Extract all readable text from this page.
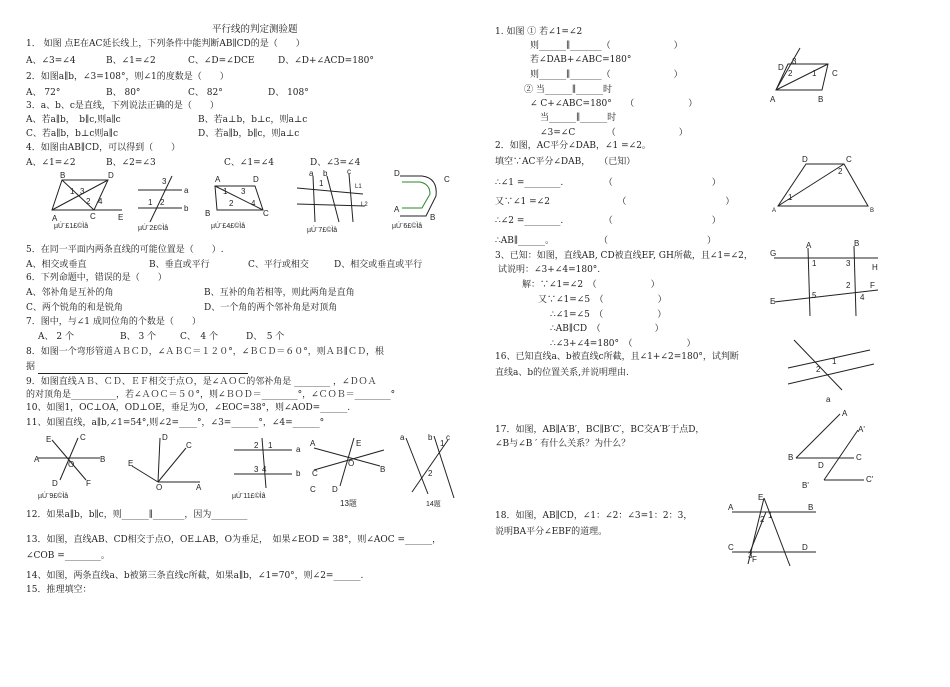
平行线的判定测验题
1． 如图 点E在AC延长线上，下列条件中能判断AB∥CD的是（　　）
A、∠3=∠4	B、∠1=∠2	C、∠D=∠DCE	D、∠D+∠ACD=180°
2．如图a∥b，∠3=108°，则∠1的度数是（　　）
A、 72°	B、 80°	C、 82°	D、 108°
3．a、b、c是直线，下列说法正确的是（　　）
A、若a∥b，　b∥c,则a∥c	B、若a⊥b，b⊥c，则a⊥c
C、若a∥b，b⊥c则a∥c	D、若a∥b，b∥c，则a⊥c
4．如图由AB∥CD，可以得到（　　）
A、∠1=∠2	B、∠2=∠3	C、∠1=∠4	D、∠3=∠4
B	D
1 3
2 4
A	C	E
µÚ¨£1£©Ìâ
3
a
1
b
2
µÚ¨2£©Ìâ
A	D
1 3
2 4
B	C
µÚ¨£4£©Ìâ
a b c
L1
L2
1
µÚ¨7£©Ìâ
D
C
A
B
µÚ¨6£©Ìâ
5．在同一平面内两条直线的可能位置是（　　）.
A、相交或垂直	B、垂直或平行	C、平行或相交	D、相交或垂直或平行
6．下列命题中，错误的是（　　）
A、邻补角是互补的角	B、互补的角若相等，则此两角是直角
C、两个锐角的和是锐角	D、一个角的两个邻补角是对顶角
7．图中，与∠1 成同位角的个数是（　　）
A、 2 个	B、 3 个	C、　4 个	D、　5 个
8．如图一个弯形管道ＡＢＣＤ，∠ＡＢＣ＝１２０°，∠ＢＣＤ＝６０°，则ＡＢ∥ＣＤ，根
据
9．如图直线ＡＢ、ＣＤ、ＥＦ相交于点Ｏ，是∠ＡＯＣ的邻补角是 ________ ，∠ＤＯＡ
的对顶角是__________，若∠ＡＯＣ＝５０°，则∠ＢＯＤ＝________°，∠ＣＯＢ＝________°
10、如图1，OC⊥OA，OD⊥OE，垂足为O，∠EOC=38°，则∠AOD=______.
11、如图直线，a∥b,∠1=54°,则∠2=____°，∠3=______°，∠4=______°
A	B
E	C
O
D	F
µÚ¨9£©Ìâ
D
C
E
O	A
2 1	a
3 4	b
µÚ¨11£©Ìâ
A	E
C
O
B
D
C
13题
a	b c
1
2
14题
12．如果a∥b，b∥c，则______∥_______，因为________
13．如图，直线AB、CD相交于点O，OE⊥AB，O为垂足，　如果∠EOD = 38°，则∠AOC =______，
∠COB =________。
14、如图，两条直线a、b被第三条直线c所截，如果a∥b，∠1=70°，则∠2=______.
15．推理填空：
1. 如图 ① 若∠1=∠2
则______∥_______（　　　　　　　）
若∠DAB+∠ABC=180°
则______∥_______（　　　　　　　）
② 当______∥______时
∠ C+∠ABC=180°　　（　　　　　　）
当______∥______时
∠3=∠C　　　　（　　　　　　　）
D
C
3
2 1
A	B
2．如图，AC平分∠DAB，∠1 =∠2。
填空∵AC平分∠DAB，　　（已知）
∴∠1 =________.　　　　　（　　　　　　　　　　　）
又∵∠1 =∠2　　　　　　　　（　　　　　　　　　　　）
∴∠2 =________.　　　　　（　　　　　　　　　　　）
∴AB∥______。　　　　　　（　　　　　　　　　　　）
D	C
2
1
A	B
3、已知：如图，直线AB, CD被直线EF, GH所截，且∠1=∠2，
试说明：∠3+∠4=180°.
解：∵∠1=∠2　（　　　　　　）
又∵∠1=∠5　（　　　　　　）
∴∠1=∠5　（　　　　　　）
∴AB∥CD　（　　　　　　）
∴∠3+∠4=180°　（　　　　　　）
G
H
A	B
E
F
1	3
5
2
4
16、已知直线a、b被直线c所截，且∠1+∠2=180°，试判断
直线a、b的位置关系,并说明理由.	2
1
a
17．如图，AB∥A′B′，BC∥B′C′，BC交A′B′于点D，
∠B与∠B ′ 有什么关系？为什么？
A
A'
B
D
C
B'
C'
18．如图，AB∥CD，∠1：∠2：∠3=1：2：3，
说明BA平分∠EBF的道理。
E
A
1
2
C
3
B
F
D
